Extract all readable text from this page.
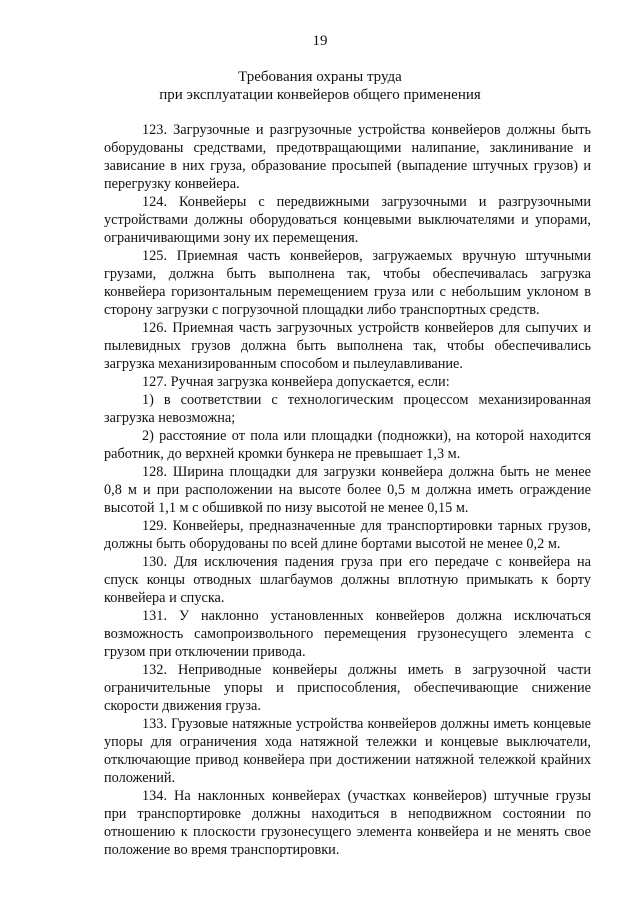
19
Требования охраны труда
при эксплуатации конвейеров общего применения

123. Загрузочные и разгрузочные устройства конвейеров должны быть оборудованы средствами, предотвращающими налипание, заклинивание и зависание в них груза, образование просыпей (выпадение штучных грузов) и перегрузку конвейера.

124. Конвейеры с передвижными загрузочными и разгрузочными устройствами должны оборудоваться концевыми выключателями и упорами, ограничивающими зону их перемещения.

125. Приемная часть конвейеров, загружаемых вручную штучными грузами, должна быть выполнена так, чтобы обеспечивалась загрузка конвейера горизонтальным перемещением груза или с небольшим уклоном в сторону загрузки с погрузочной площадки либо транспортных средств.

126. Приемная часть загрузочных устройств конвейеров для сыпучих и пылевидных грузов должна быть выполнена так, чтобы обеспечивались загрузка механизированным способом и пылеулавливание.

127. Ручная загрузка конвейера допускается, если:

1) в соответствии с технологическим процессом механизированная загрузка невозможна;

2) расстояние от пола или площадки (подножки), на которой находится работник, до верхней кромки бункера не превышает 1,3 м.

128. Ширина площадки для загрузки конвейера должна быть не менее 0,8 м и при расположении на высоте более 0,5 м должна иметь ограждение высотой 1,1 м с обшивкой по низу высотой не менее 0,15 м.

129. Конвейеры, предназначенные для транспортировки тарных грузов, должны быть оборудованы по всей длине бортами высотой не менее 0,2 м.

130. Для исключения падения груза при его передаче с конвейера на спуск концы отводных шлагбаумов должны вплотную примыкать к борту конвейера и спуска.

131. У наклонно установленных конвейеров должна исключаться возможность самопроизвольного перемещения грузонесущего элемента с грузом при отключении привода.

132. Неприводные конвейеры должны иметь в загрузочной части ограничительные упоры и приспособления, обеспечивающие снижение скорости движения груза.

133. Грузовые натяжные устройства конвейеров должны иметь концевые упоры для ограничения хода натяжной тележки и концевые выключатели, отключающие привод конвейера при достижении натяжной тележкой крайних положений.

134. На наклонных конвейерах (участках конвейеров) штучные грузы при транспортировке должны находиться в неподвижном состоянии по отношению к плоскости грузонесущего элемента конвейера и не менять свое положение во время транспортировки.
